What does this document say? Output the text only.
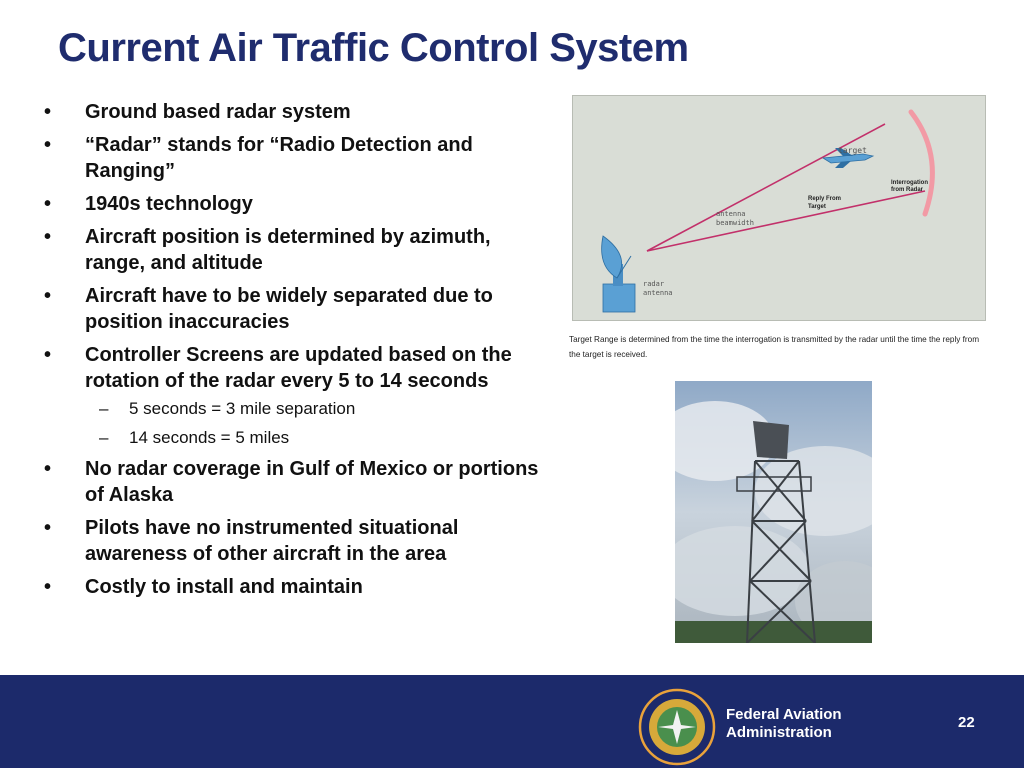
Current Air Traffic Control System
• Ground based radar system
• “Radar” stands for “Radio Detection and Ranging”
• 1940s technology
• Aircraft position is determined by azimuth, range, and altitude
• Aircraft have to be widely separated due to position inaccuracies
• Controller Screens are updated based on the rotation of the radar every 5 to 14 seconds
– 5 seconds = 3 mile separation
– 14 seconds = 5 miles
• No radar coverage in Gulf of Mexico or portions of Alaska
• Pilots have no instrumented situational awareness of other aircraft in the area
• Costly to install and maintain
target
Interrogation
from Radar
Reply From
Target
antenna
beamwidth
radar
antenna
Target Range is determined from the time the interrogation is transmitted by the radar until the time the reply from the target is received.
Federal Aviation
Administration
22
